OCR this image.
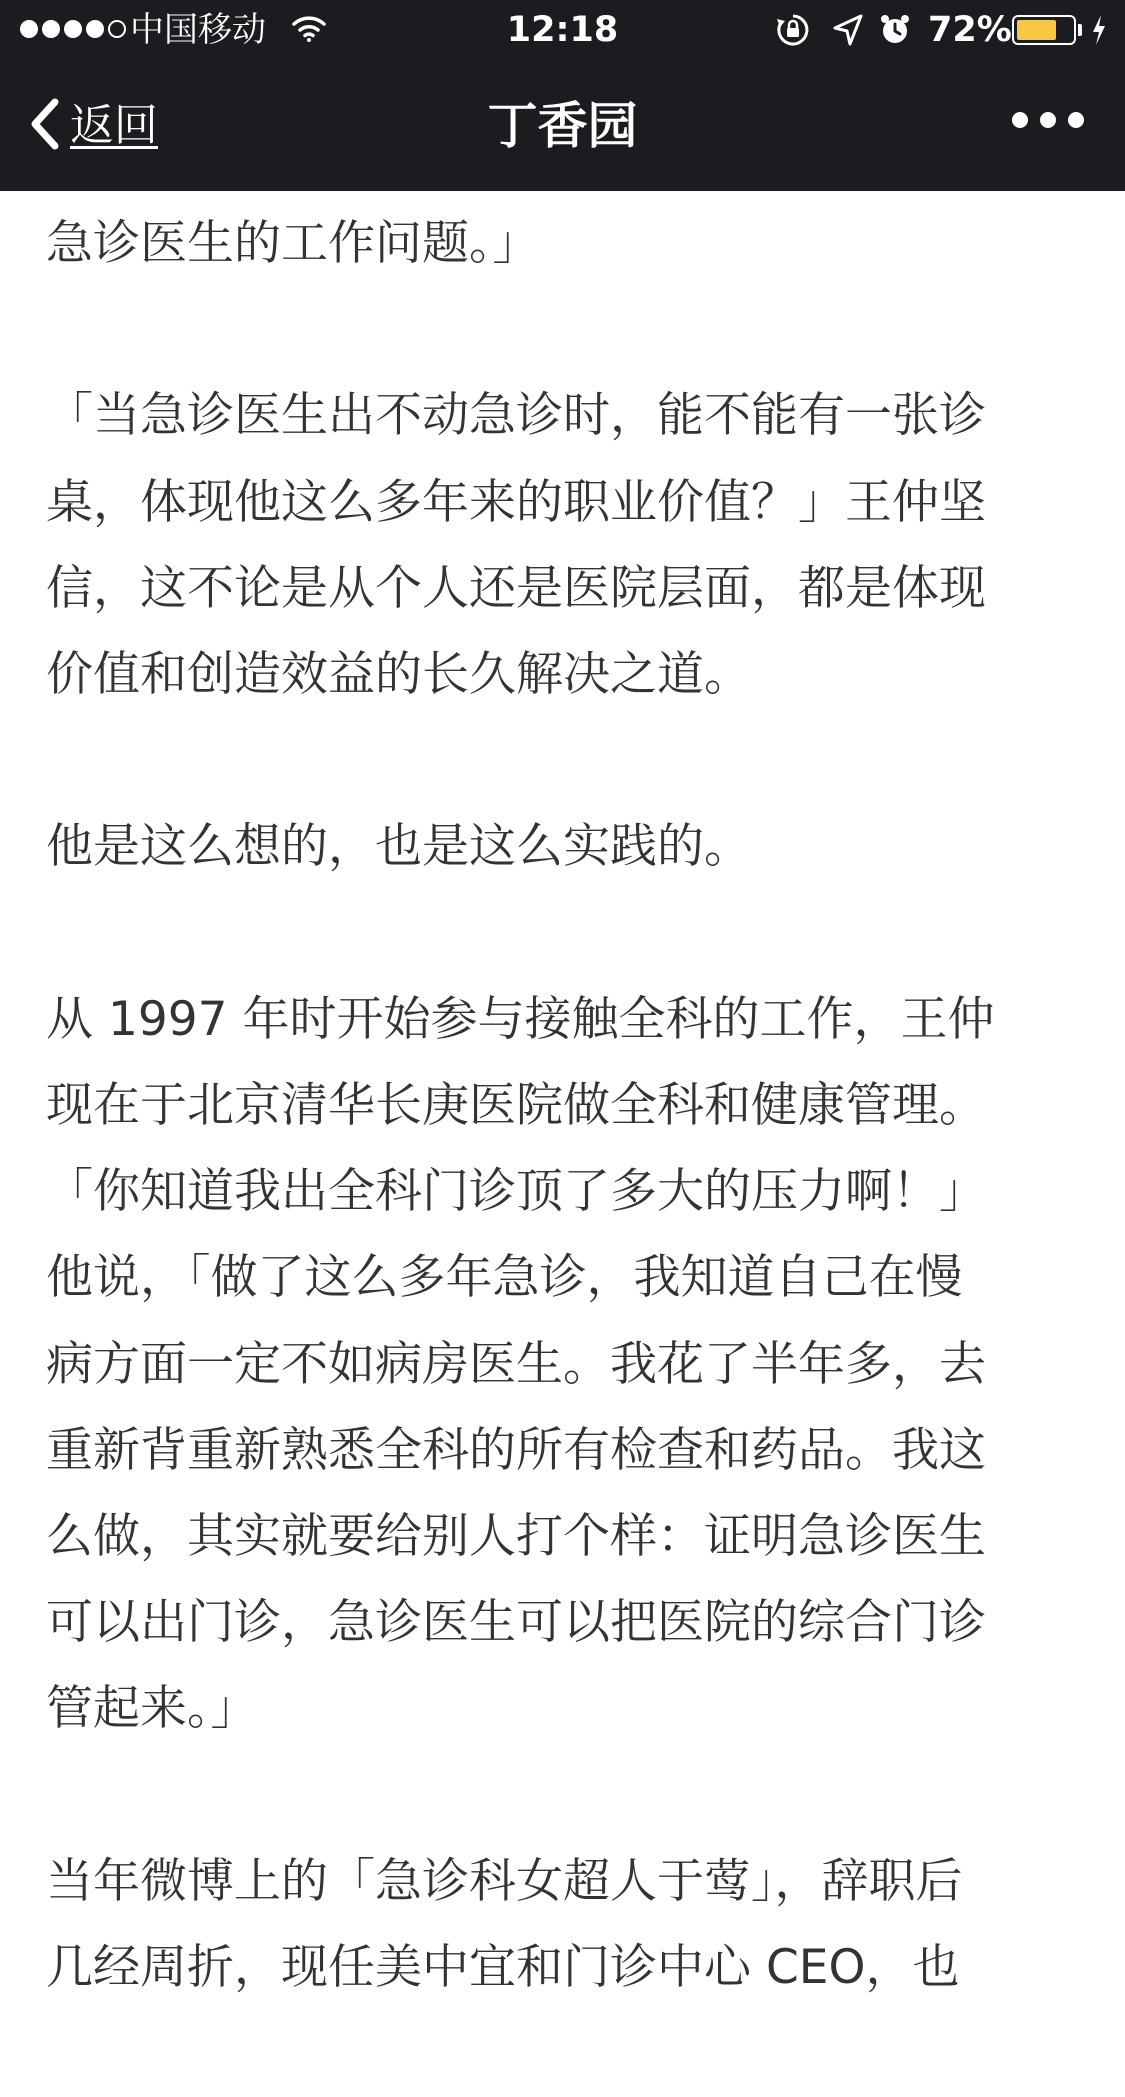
中国移动	12:18	72%
返回	丁香园

急诊医生的工作问题。」

「当急诊医生出不动急诊时，能不能有一张诊
桌，体现他这么多年来的职业价值？」王仲坚
信，这不论是从个人还是医院层面，都是体现
价值和创造效益的长久解决之道。

他是这么想的，也是这么实践的。

从 1997 年时开始参与接触全科的工作，王仲
现在于北京清华长庚医院做全科和健康管理。
「你知道我出全科门诊顶了多大的压力啊！」
他说，「做了这么多年急诊，我知道自己在慢
病方面一定不如病房医生。我花了半年多，去
重新背重新熟悉全科的所有检查和药品。我这
么做，其实就要给别人打个样：证明急诊医生
可以出门诊，急诊医生可以把医院的综合门诊
管起来。」

当年微博上的「急诊科女超人于莺」，辞职后
几经周折，现任美中宜和门诊中心 CEO，也
